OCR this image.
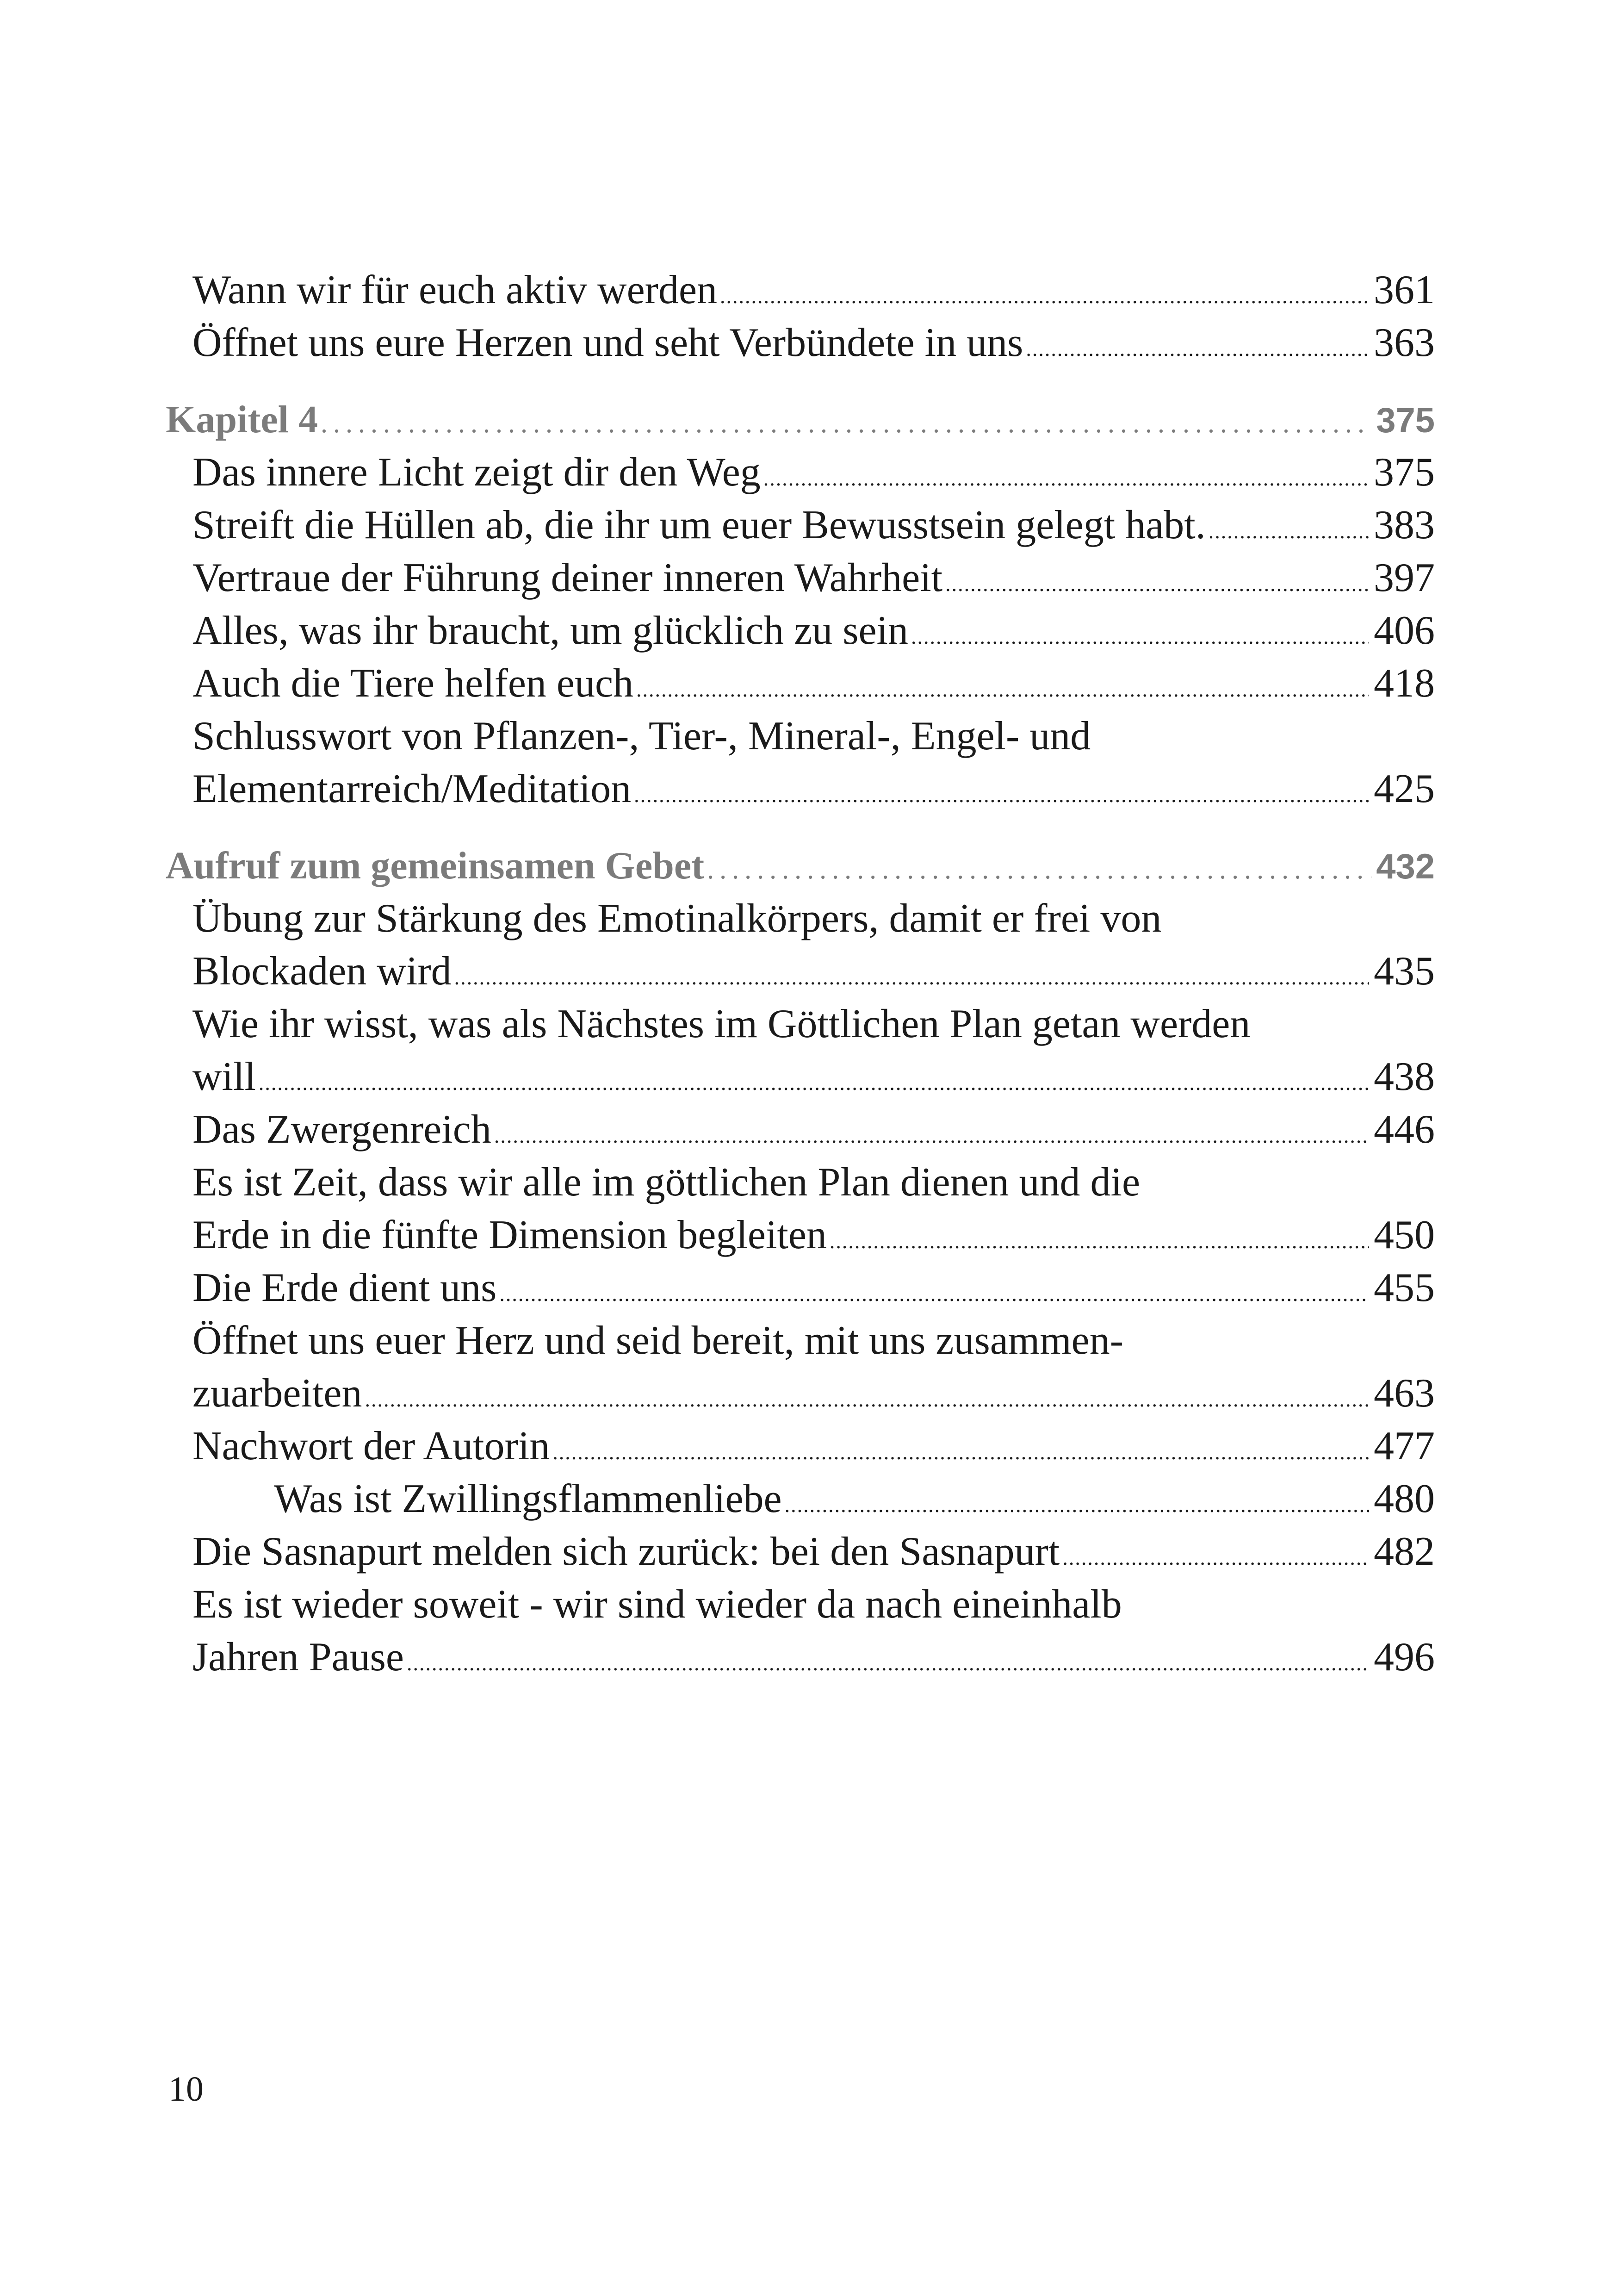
Wann wir für euch aktiv werden .....	361
Öffnet uns eure Herzen und seht Verbündete in uns .....	363
Kapitel 4 .....	375
Das innere Licht zeigt dir den Weg .....	375
Streift die Hüllen ab, die ihr um euer Bewusstsein gelegt habt. .....	383
Vertraue der Führung deiner inneren Wahrheit .....	397
Alles, was ihr braucht, um glücklich zu sein .....	406
Auch die Tiere helfen euch .....	418
Schlusswort von Pflanzen-, Tier-, Mineral-, Engel- und
Elementarreich/Meditation .....	425
Aufruf zum gemeinsamen Gebet .....	432
Übung zur Stärkung des Emotinalkörpers, damit er frei von
Blockaden wird .....	435
Wie ihr wisst, was als Nächstes im Göttlichen Plan getan werden
will .....	438
Das Zwergenreich .....	446
Es ist Zeit, dass wir alle im göttlichen Plan dienen und die
Erde in die fünfte Dimension begleiten .....	450
Die Erde dient uns .....	455
Öffnet uns euer Herz und seid bereit, mit uns zusammen-
zuarbeiten .....	463
Nachwort der Autorin .....	477
Was ist Zwillingsflammenliebe .....	480
Die Sasnapurt melden sich zurück: bei den Sasnapurt .....	482
Es ist wieder soweit - wir sind wieder da nach eineinhalb
Jahren Pause .....	496
10
